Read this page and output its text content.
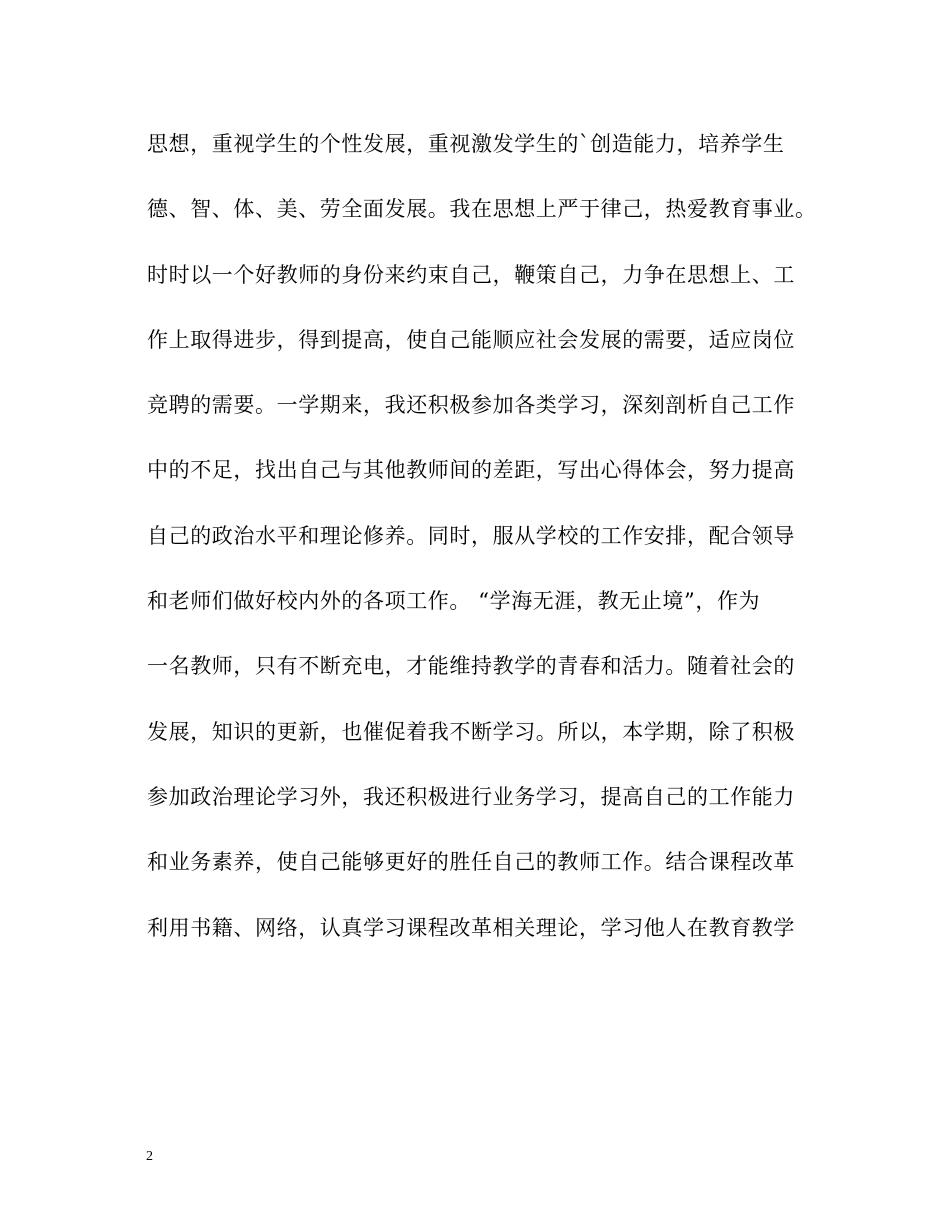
思想，重视学生的个性发展，重视激发学生的`创造能力，培养学生
德、智、体、美、劳全面发展。我在思想上严于律己，热爱教育事业。
时时以一个好教师的身份来约束自己，鞭策自己，力争在思想上、工
作上取得进步，得到提高，使自己能顺应社会发展的需要，适应岗位
竞聘的需要。一学期来，我还积极参加各类学习，深刻剖析自己工作
中的不足，找出自己与其他教师间的差距，写出心得体会，努力提高
自己的政治水平和理论修养。同时，服从学校的工作安排，配合领导
和老师们做好校内外的各项工作。 “学海无涯，教无止境”，作为
一名教师，只有不断充电，才能维持教学的青春和活力。随着社会的
发展，知识的更新，也催促着我不断学习。所以，本学期，除了积极
参加政治理论学习外，我还积极进行业务学习，提高自己的工作能力
和业务素养，使自己能够更好的胜任自己的教师工作。结合课程改革
利用书籍、网络，认真学习课程改革相关理论，学习他人在教育教学
2
